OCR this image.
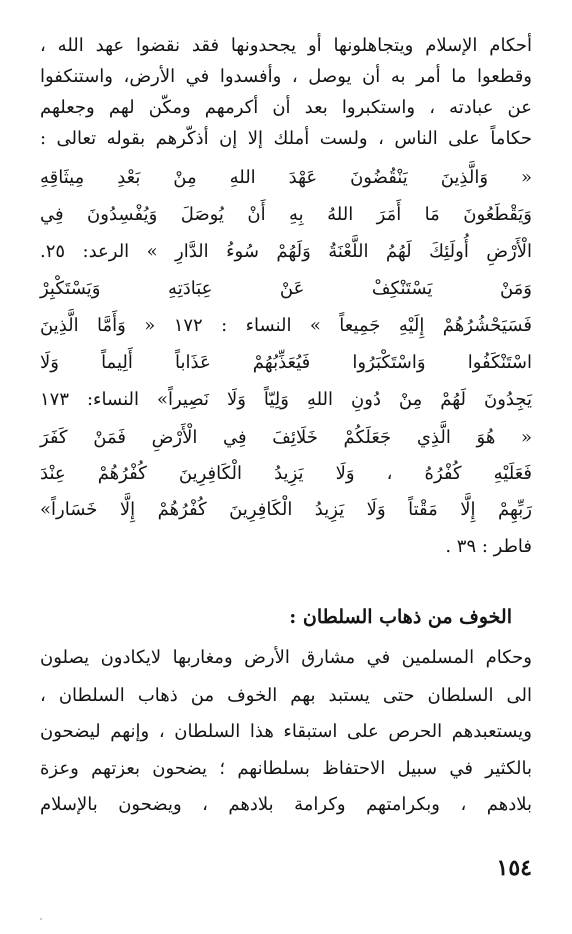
أحكام الإسلام ويتجاهلونها أو يجحدونها فقد نقضوا عهد الله ،
وقطعوا ما أمر به أن يوصل ، وأفسدوا في الأرض، واستنكفوا
عن عبادته ، واستكبروا بعد أن أكرمهم ومكّن لهم وجعلهم
حكاماً على الناس ، ولست أملك إلا إن أذكّرهم بقوله تعالى :
« وَالَّذِينَ يَنْقُضُونَ عَهْدَ اللهِ مِنْ بَعْدِ مِيثَاقِهِ
وَيَقْطَعُونَ مَا أَمَرَ اللهُ بِهِ أَنْ يُوصَلَ وَيُفْسِدُونَ فِي
الْأَرْضِ أُولَئِكَ لَهُمُ اللَّعْنَةُ وَلَهُمْ سُوءُ الدَّارِ » الرعد: ٢٥.
وَمَنْ يَسْتَنْكِفْ عَنْ عِبَادَتِهِ وَيَسْتَكْبِرْ
فَسَيَحْشُرُهُمْ إِلَيْهِ جَمِيعاً » النساء : ١٧٢ « وَأَمَّا الَّذِينَ
اسْتَنْكَفُوا وَاسْتَكْبَرُوا فَيُعَذِّبُهُمْ عَذَاباً أَلِيماً وَلَا
يَجِدُونَ لَهُمْ مِنْ دُونِ اللهِ وَلِيّاً وَلَا نَصِيراً» النساء: ١٧٣
« هُوَ الَّذِي جَعَلَكُمْ خَلَائِفَ فِي الْأَرْضِ فَمَنْ كَفَرَ
فَعَلَيْهِ كُفْرُهُ ، وَلَا يَزِيدُ الْكَافِرِينَ كُفْرُهُمْ عِنْدَ
رَبِّهِمْ إِلَّا مَقْتاً وَلَا يَزِيدُ الْكَافِرِينَ كُفْرُهُمْ إِلَّا خَسَاراً»
فاطر : ٣٩ .
الخوف من ذهاب السلطان :
وحكام المسلمين في مشارق الأرض ومغاربها لايكادون يصلون
الى السلطان حتى يستبد بهم الخوف من ذهاب السلطان ،
ويستعبدهم الحرص على استبقاء هذا السلطان ، وإنهم ليضحون
بالكثير في سبيل الاحتفاظ بسلطانهم ؛ يضحون بعزتهم وعزة
بلادهم ، وبكرامتهم وكرامة بلادهم ، ويضحون بالإسلام
١٥٤
